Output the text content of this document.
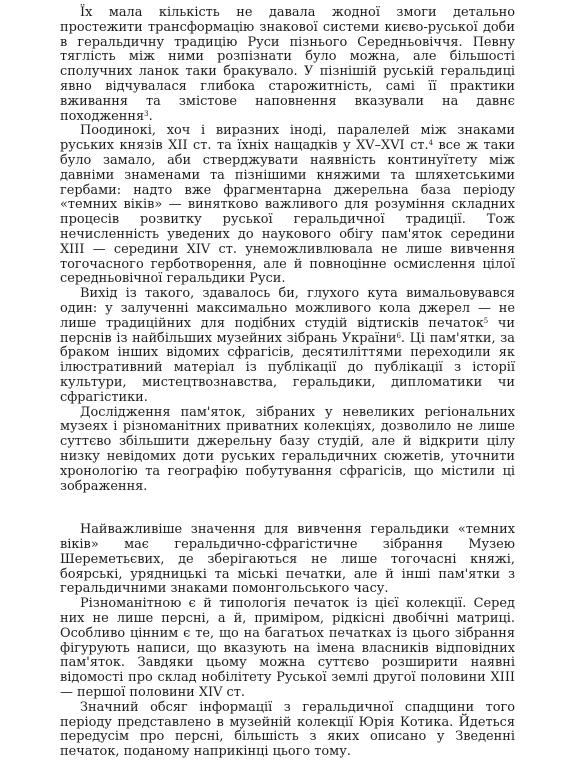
Їх мала кількість не давала жодної змоги детально простежити трансформацію знакової системи києво-руської доби в геральдичну традицію Руси пізнього Середньовіччя. Певну тяглість між ними розпізнати було можна, але більшості сполучних ланок таки бракувало. У пізнішій руській геральдиці явно відчувалася глибока старожитність, самі її практики вживання та змістове наповнення вказували на давнє походження$^3$.

Поодинокі, хоч і виразних іноді, паралелей між знаками руських князів XII ст. та їхніх нащадків у XV–XVI ст.$^4$ все ж таки було замало, аби стверджувати наявність континуїтету між давніми знаменами та пізнішими княжими та шляхетськими гербами: надто вже фрагментарна джерельна база періоду «темних віків» — винятково важливого для розуміння складних процесів розвитку руської геральдичної традиції. Тож нечисленність уведених до наукового обігу пам'яток середини XIII — середини XIV ст. унеможливлювала не лише вивчення тогочасного герботворення, але й повноцінне осмислення цілої середньовічної геральдики Руси.

Вихід із такого, здавалось би, глухого кута вимальовувався один: у залученні максимально можливого кола джерел — не лише традиційних для подібних студій відтисків печаток$^5$ чи перснів із найбільших музейних зібрань України$^6$. Ці пам'ятки, за браком інших відомих сфрагісів, десятиліттями переходили як ілюстративний матеріал із публікації до публікації з історії культури, мистецтвознавства, геральдики, дипломатики чи сфрагістики.

Дослідження пам'яток, зібраних у невеликих регіональних музеях і різноманітних приватних колекціях, дозволило не лише суттєво збільшити джерельну базу студій, але й відкрити цілу низку невідомих доти руських геральдичних сюжетів, уточнити хронологію та географію побутування сфрагісів, що містили ці зображення.

Найважливіше значення для вивчення геральдики «темних віків» має геральдично-сфрагістичне зібрання Музею Шереметьєвих, де зберігаються не лише тогочасні княжі, боярські, урядницькі та міські печатки, але й інші пам'ятки з геральдичними знаками помонгольського часу.

Різноманітною є й типологія печаток із цієї колекції. Серед них не лише персні, а й, приміром, рідкісні двобічні матриці. Особливо цінним є те, що на багатьох печатках із цього зібрання фігурують написи, що вказують на імена власників відповідних пам'яток. Завдяки цьому можна суттєво розширити наявні відомості про склад нобілітету Руської землі другої половини XIII — першої половини XIV ст.

Значний обсяг інформації з геральдичної спадщини того періоду представлено в музейній колекції Юрія Котика. Йдеться передусім про персні, більшість з яких описано у Зведенні печаток, поданому наприкінці цього тому.
